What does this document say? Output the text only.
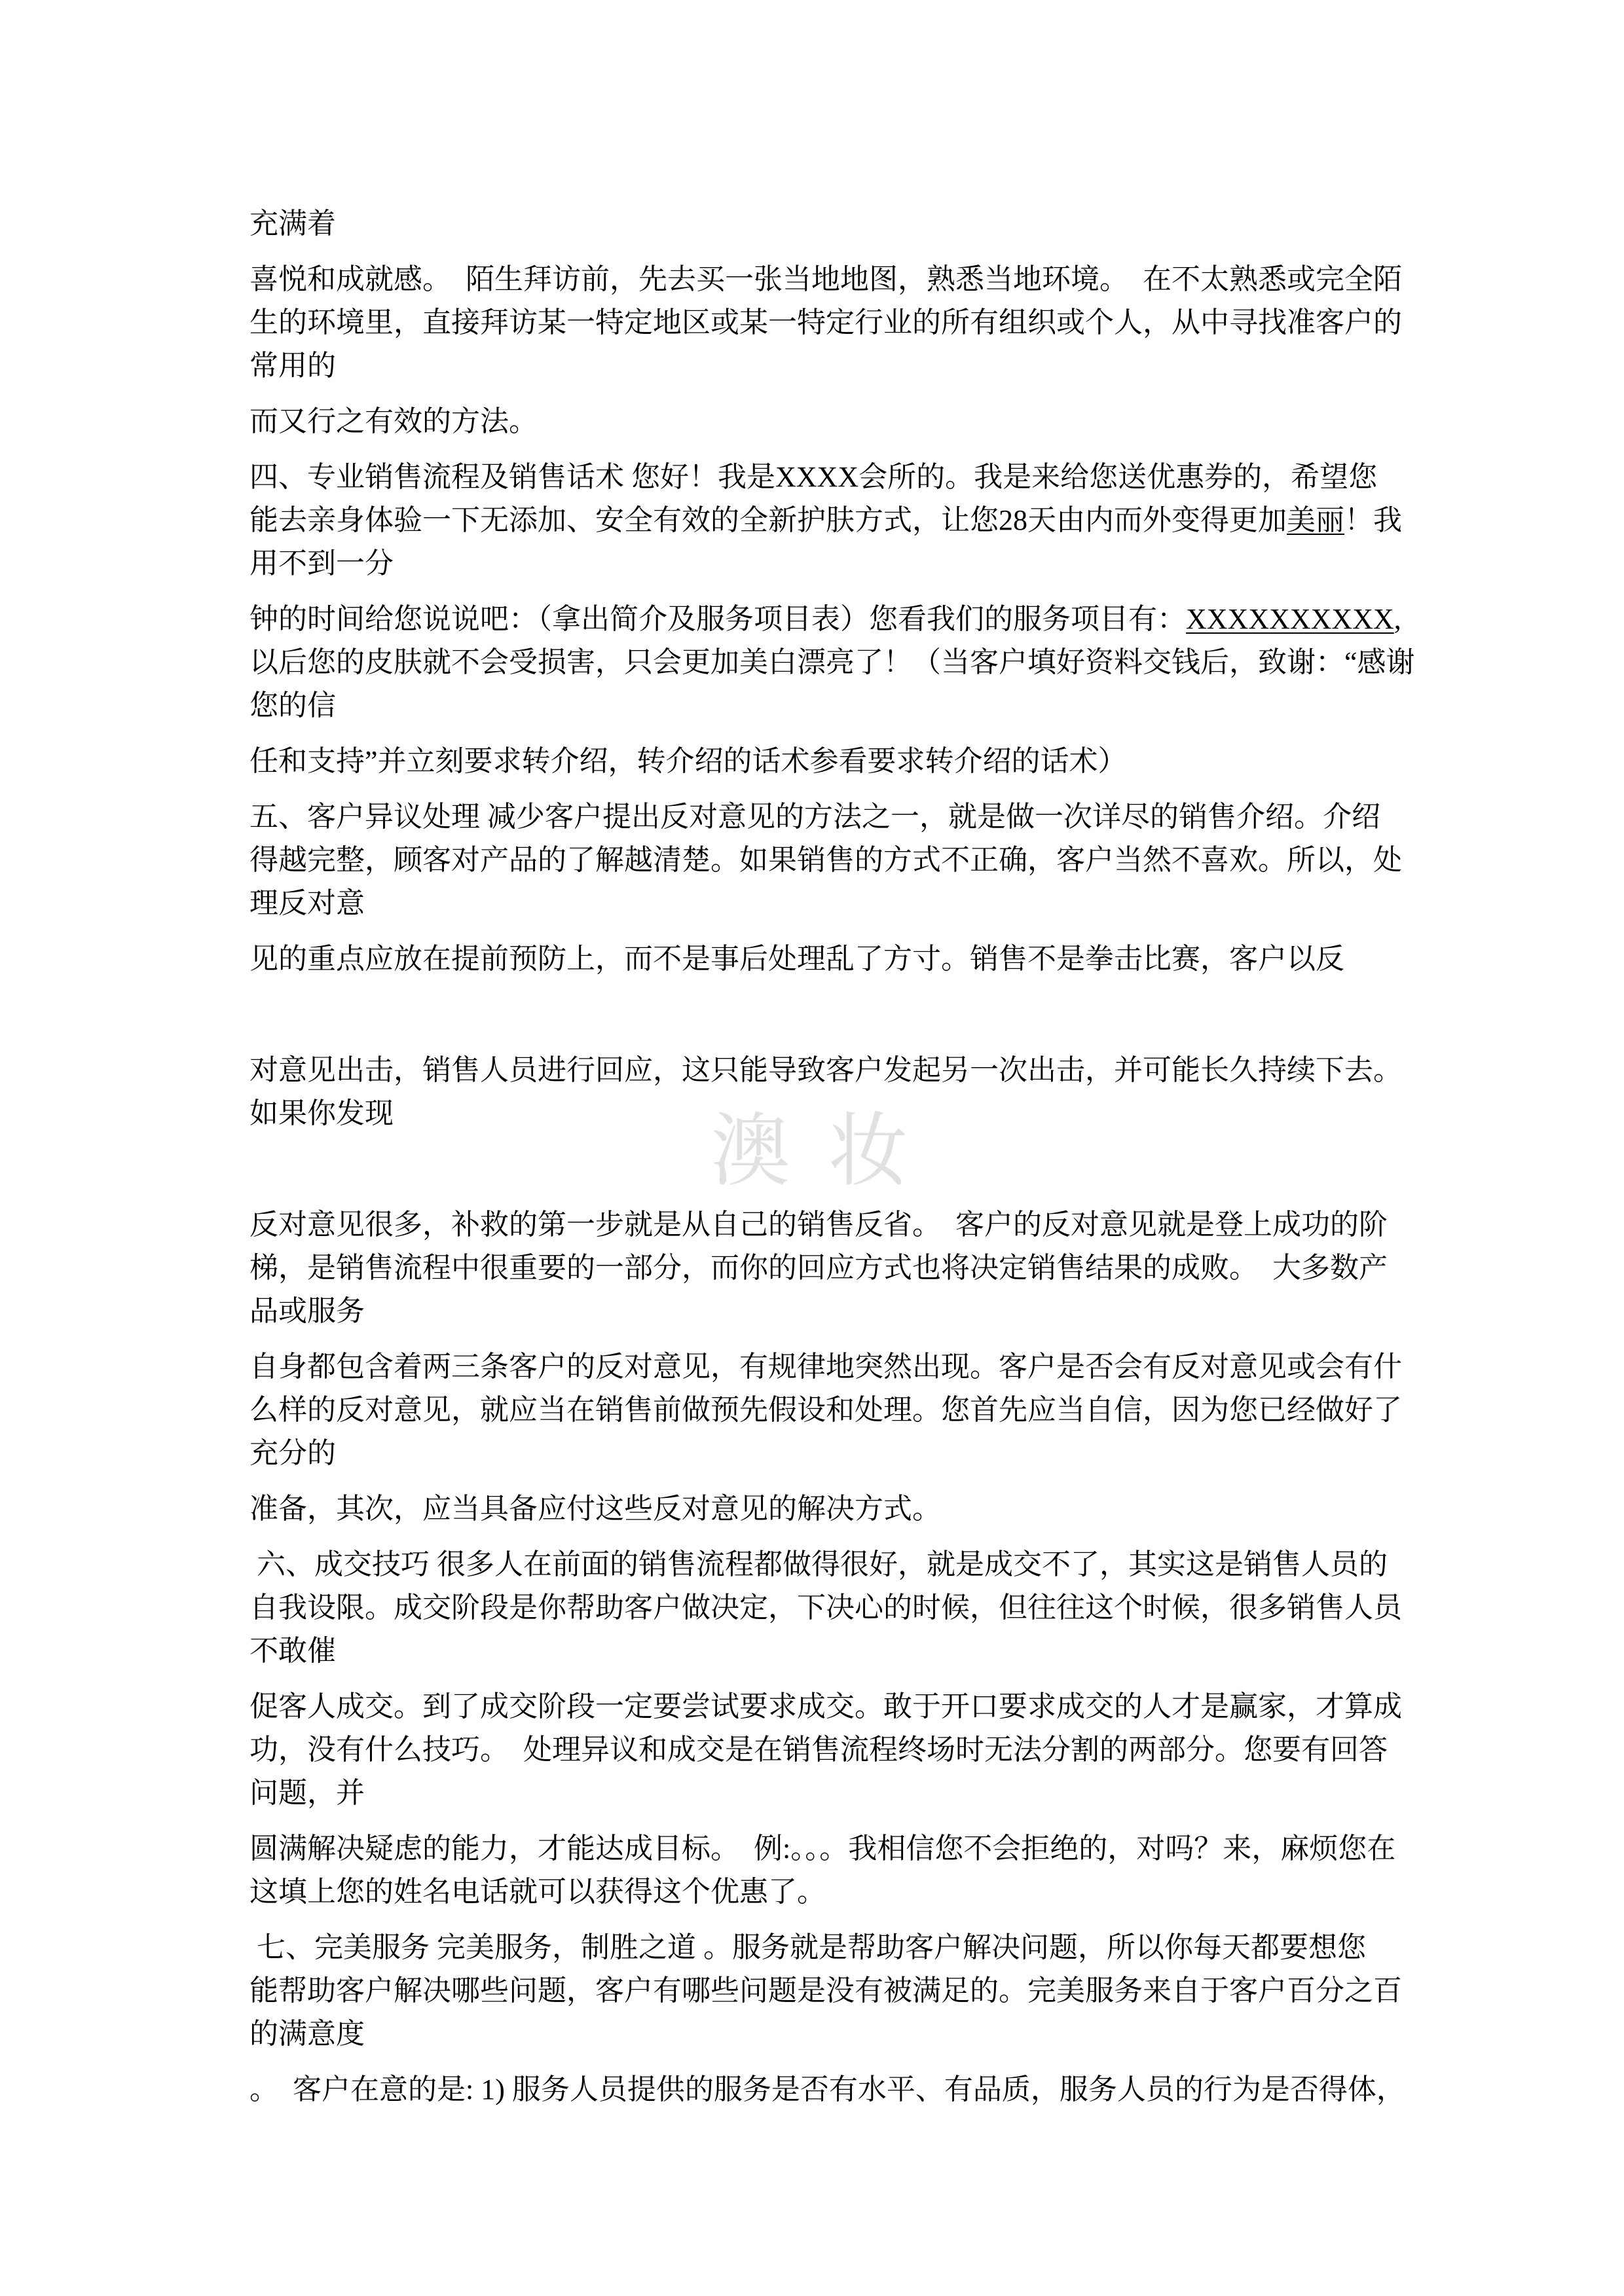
澳 妆
充满着
喜悦和成就感。　陌生拜访前，先去买一张当地地图，熟悉当地环境。　在不太熟悉或完全陌
生的环境里，直接拜访某一特定地区或某一特定行业的所有组织或个人，从中寻找准客户的
常用的
而又行之有效的方法。
四、专业销售流程及销售话术 您好！我是XXXX会所的。我是来给您送优惠券的，希望您
能去亲身体验一下无添加、安全有效的全新护肤方式，让您28天由内而外变得更加美丽！我
用不到一分
钟的时间给您说说吧：（拿出简介及服务项目表）您看我们的服务项目有：XXXXXXXXXX,
以后您的皮肤就不会受损害，只会更加美白漂亮了！（当客户填好资料交钱后，致谢：“感谢
您的信
任和支持”并立刻要求转介绍，转介绍的话术参看要求转介绍的话术）
五、客户异议处理 减少客户提出反对意见的方法之一，就是做一次详尽的销售介绍。介绍
得越完整，顾客对产品的了解越清楚。如果销售的方式不正确，客户当然不喜欢。所以，处
理反对意
见的重点应放在提前预防上，而不是事后处理乱了方寸。销售不是拳击比赛，客户以反
对意见出击，销售人员进行回应，这只能导致客户发起另一次出击，并可能长久持续下去。
如果你发现
反对意见很多，补救的第一步就是从自己的销售反省。　客户的反对意见就是登上成功的阶
梯，是销售流程中很重要的一部分，而你的回应方式也将决定销售结果的成败。　大多数产
品或服务
自身都包含着两三条客户的反对意见，有规律地突然出现。客户是否会有反对意见或会有什
么样的反对意见，就应当在销售前做预先假设和处理。您首先应当自信，因为您已经做好了
充分的
准备，其次，应当具备应付这些反对意见的解决方式。
六、成交技巧 很多人在前面的销售流程都做得很好，就是成交不了，其实这是销售人员的
自我设限。成交阶段是你帮助客户做决定，下决心的时候，但往往这个时候，很多销售人员
不敢催
促客人成交。到了成交阶段一定要尝试要求成交。敢于开口要求成交的人才是赢家，才算成
功，没有什么技巧。　处理异议和成交是在销售流程终场时无法分割的两部分。您要有回答
问题，并
圆满解决疑虑的能力，才能达成目标。　例:。。。我相信您不会拒绝的，对吗？来，麻烦您在
这填上您的姓名电话就可以获得这个优惠了。
七、完美服务 完美服务，制胜之道 。服务就是帮助客户解决问题，所以你每天都要想您
能帮助客户解决哪些问题，客户有哪些问题是没有被满足的。完美服务来自于客户百分之百
的满意度
。　客户在意的是: 1) 服务人员提供的服务是否有水平、有品质，服务人员的行为是否得体，
